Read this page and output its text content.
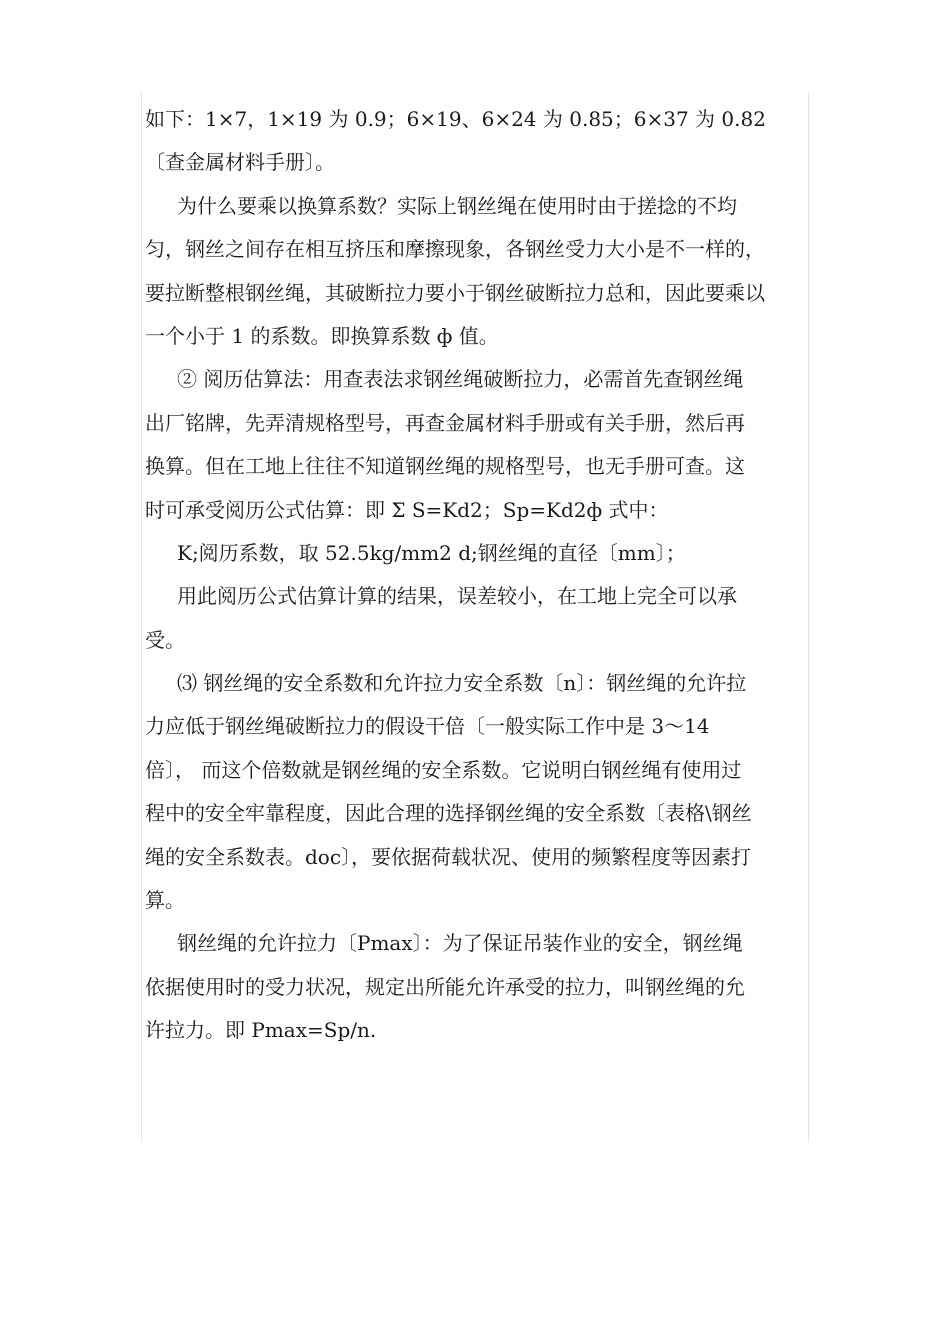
如下：1×7，1×19 为 0.9；6×19、6×24 为 0.85；6×37 为 0.82
〔查金属材料手册〕。
为什么要乘以换算系数？实际上钢丝绳在使用时由于搓捻的不均
匀，钢丝之间存在相互挤压和摩擦现象，各钢丝受力大小是不一样的，
要拉断整根钢丝绳，其破断拉力要小于钢丝破断拉力总和，因此要乘以
一个小于 1 的系数。即换算系数 ф 值。
② 阅历估算法：用查表法求钢丝绳破断拉力，必需首先查钢丝绳
出厂铭牌，先弄清规格型号，再查金属材料手册或有关手册，然后再
换算。但在工地上往往不知道钢丝绳的规格型号，也无手册可查。这
时可承受阅历公式估算：即 Σ S=Kd2；Sp=Kd2ф 式中：
K;阅历系数，取 52.5kg/mm2 d;钢丝绳的直径〔mm〕；
用此阅历公式估算计算的结果，误差较小，在工地上完全可以承
受。
⑶ 钢丝绳的安全系数和允许拉力安全系数〔n〕：钢丝绳的允许拉
力应低于钢丝绳破断拉力的假设干倍〔一般实际工作中是 3～14
倍〕， 而这个倍数就是钢丝绳的安全系数。它说明白钢丝绳有使用过
程中的安全牢靠程度，因此合理的选择钢丝绳的安全系数〔表格\钢丝
绳的安全系数表。doc〕，要依据荷载状况、使用的频繁程度等因素打
算。
钢丝绳的允许拉力〔Pmax〕：为了保证吊装作业的安全，钢丝绳
依据使用时的受力状况，规定出所能允许承受的拉力，叫钢丝绳的允
许拉力。即 Pmax=Sp/n.
